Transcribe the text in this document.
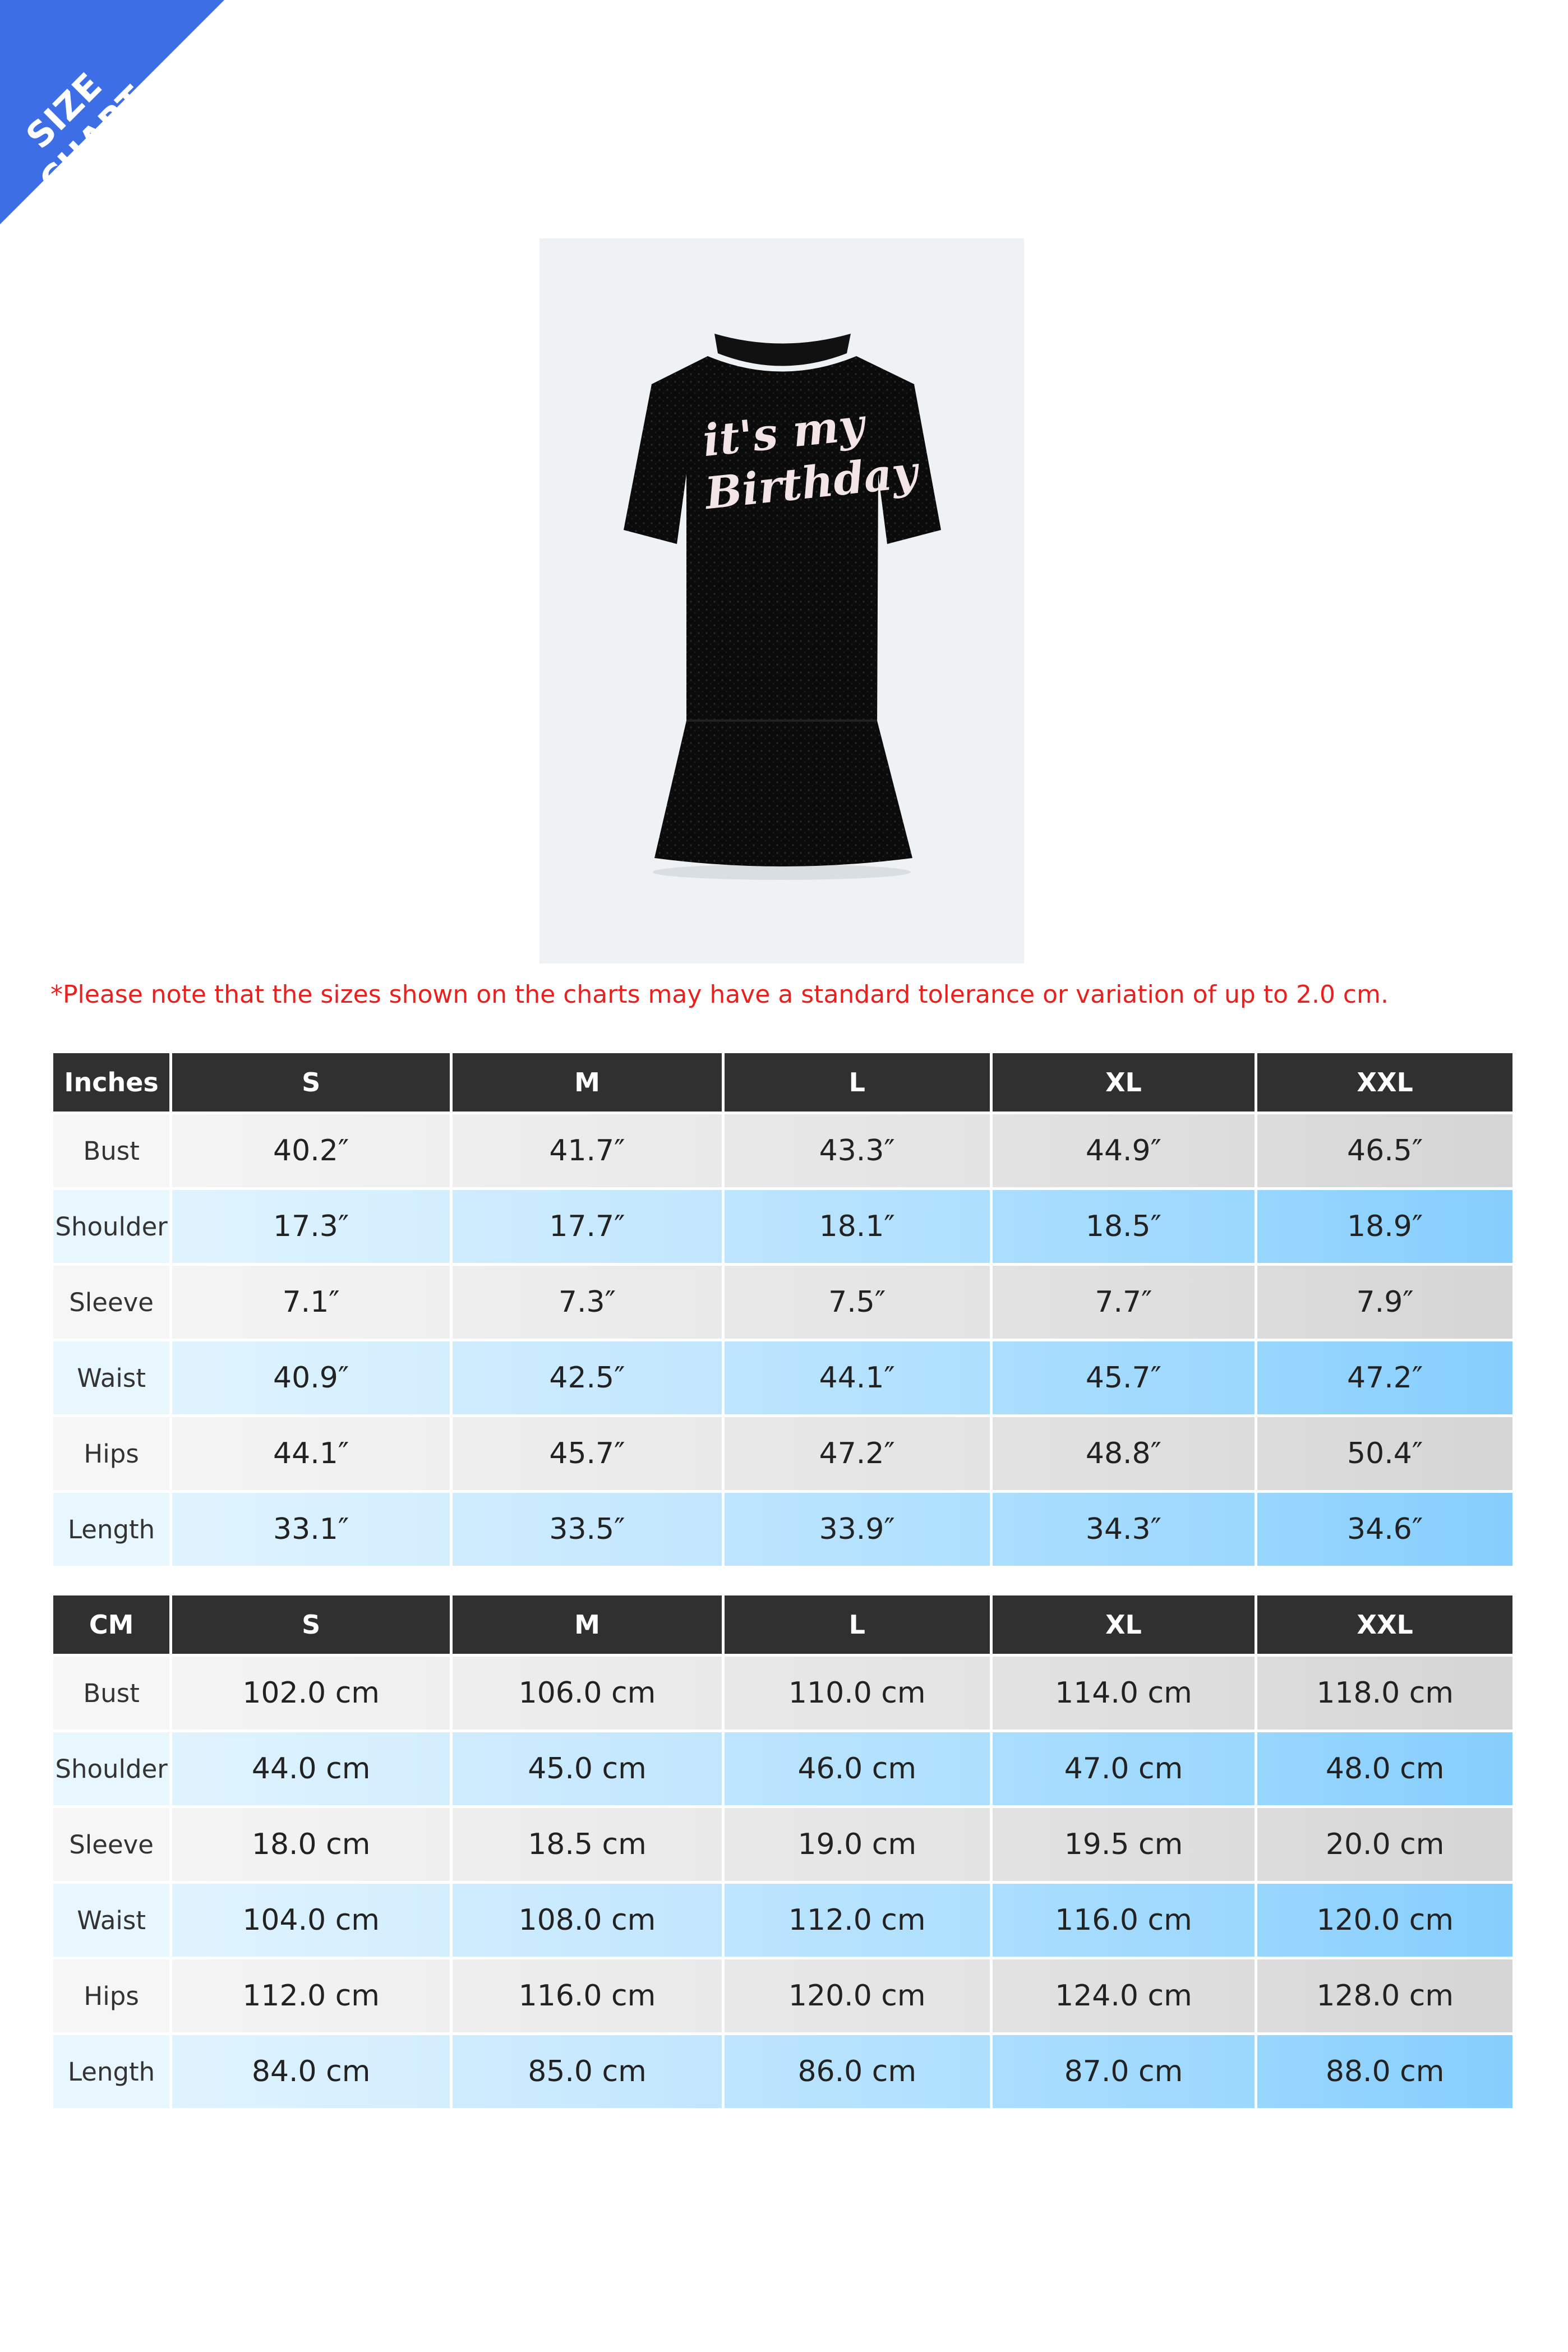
SIZE CHART
it's my Birthday
*Please note that the sizes shown on the charts may have a standard tolerance or variation of up to 2.0 cm.
Inches	S	M	L	XL	XXL
Bust	40.2″	41.7″	43.3″	44.9″	46.5″
Shoulder	17.3″	17.7″	18.1″	18.5″	18.9″
Sleeve	7.1″	7.3″	7.5″	7.7″	7.9″
Waist	40.9″	42.5″	44.1″	45.7″	47.2″
Hips	44.1″	45.7″	47.2″	48.8″	50.4″
Length	33.1″	33.5″	33.9″	34.3″	34.6″
CM	S	M	L	XL	XXL
Bust	102.0 cm	106.0 cm	110.0 cm	114.0 cm	118.0 cm
Shoulder	44.0 cm	45.0 cm	46.0 cm	47.0 cm	48.0 cm
Sleeve	18.0 cm	18.5 cm	19.0 cm	19.5 cm	20.0 cm
Waist	104.0 cm	108.0 cm	112.0 cm	116.0 cm	120.0 cm
Hips	112.0 cm	116.0 cm	120.0 cm	124.0 cm	128.0 cm
Length	84.0 cm	85.0 cm	86.0 cm	87.0 cm	88.0 cm
